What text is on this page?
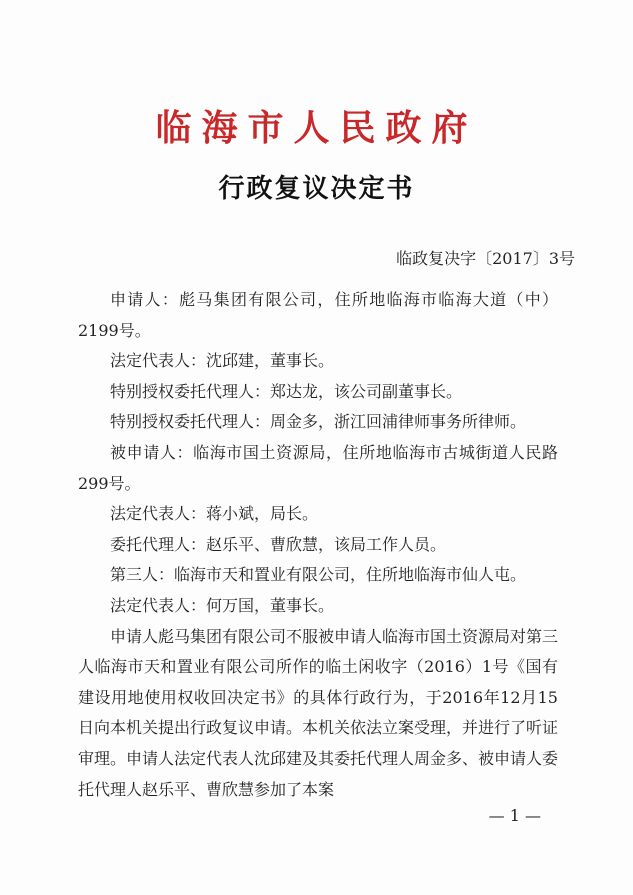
临海市人民政府
行政复议决定书
临政复决字〔2017〕3号

申请人：彪马集团有限公司，住所地临海市临海大道（中）2199号。

法定代表人：沈邱建，董事长。

特别授权委托代理人：郑达龙，该公司副董事长。

特别授权委托代理人：周金多，浙江回浦律师事务所律师。

被申请人：临海市国土资源局，住所地临海市古城街道人民路299号。

法定代表人：蒋小斌，局长。

委托代理人：赵乐平、曹欣慧，该局工作人员。

第三人：临海市天和置业有限公司，住所地临海市仙人屯。

法定代表人：何万国，董事长。

申请人彪马集团有限公司不服被申请人临海市国土资源局对第三人临海市天和置业有限公司所作的临土闲收字（2016）1号《国有建设用地使用权收回决定书》的具体行政行为，于2016年12月15日向本机关提出行政复议申请。本机关依法立案受理，并进行了听证审理。申请人法定代表人沈邱建及其委托代理人周金多、被申请人委托代理人赵乐平、曹欣慧参加了本案

— 1 —
